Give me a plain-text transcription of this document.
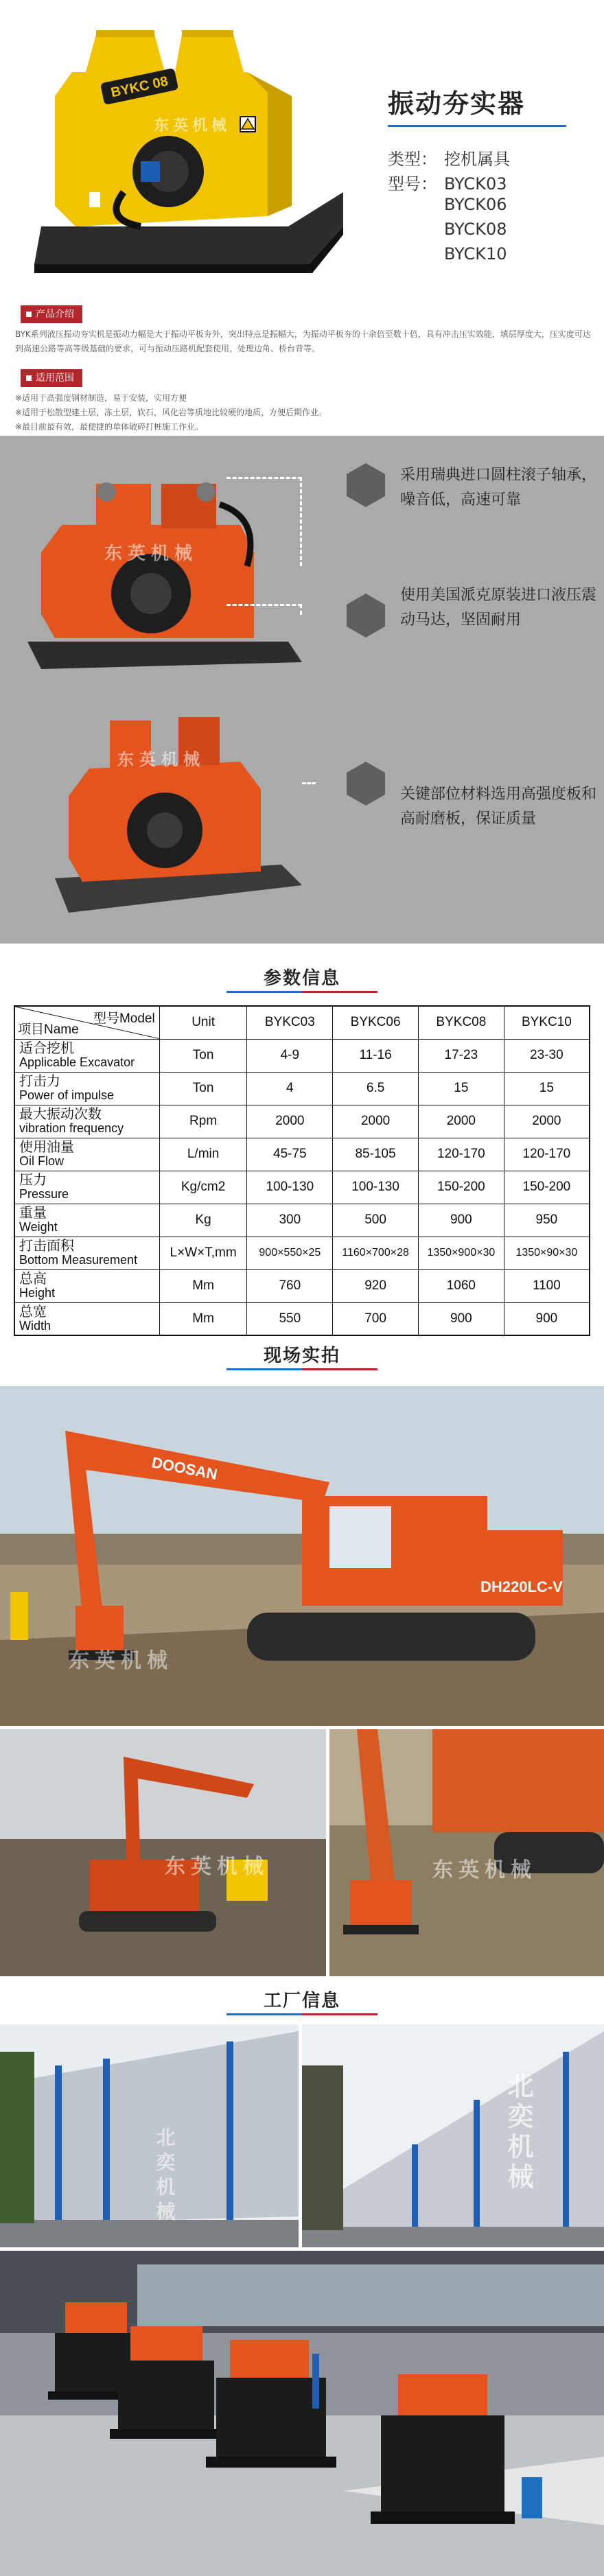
BYKC 08
东英机械
振动夯实器
类型： 挖机属具
型号： BYCK03
BYCK06
BYCK08
BYCK10
产品介绍

BYK系列液压振动夯实机是振动力幅是大于振动平板夯外，突出特点是振幅大，为振动平板夯的十余倍至数十倍，具有冲击压实效能，填层厚度大，压实度可达到高速公路等高等级基础的要求，可与振动压路机配套使用，处理边角、桥台背等。

适用范围

※适用于高强度钢材制造，易于安装，实用方便

※适用于松散型建土层，冻土层，软石，风化岩等质地比较硬的地质，方便后期作业。

※最目前最有效，最便捷的单体破碎打桩施工作业。

东英机械
东英机械
采用瑞典进口圆柱滚子轴承，噪音低，高速可靠
使用美国派克原装进口液压震动马达，坚固耐用
关键部位材料选用高强度板和高耐磨板，保证质量
参数信息
型号Model
项目Name	Unit	BYKC03	BYKC06	BYKC08	BYKC10

适合挖机
Applicable Excavator	Ton	4-9	11-16	17-23	23-30

打击力
Power of impulse	Ton	4	6.5	15	15

最大振动次数
vibration frequency	Rpm	2000	2000	2000	2000

使用油量
Oil Flow	L/min	45-75	85-105	120-170	120-170

压力
Pressure	Kg/cm2	100-130	100-130	150-200	150-200

重量
Weight	Kg	300	500	900	950

打击面积
Bottom Measurement	L×W×T,mm	900×550×25	1160×700×28	1350×900×30	1350×90×30

总高
Height	Mm	760	920	1060	1100

总宽
Width	Mm	550	700	900	900
现场实拍
DOOSAN
DH220LC-V
东英机械
东英机械	东英机械
工厂信息
北奕机械	北奕机械
